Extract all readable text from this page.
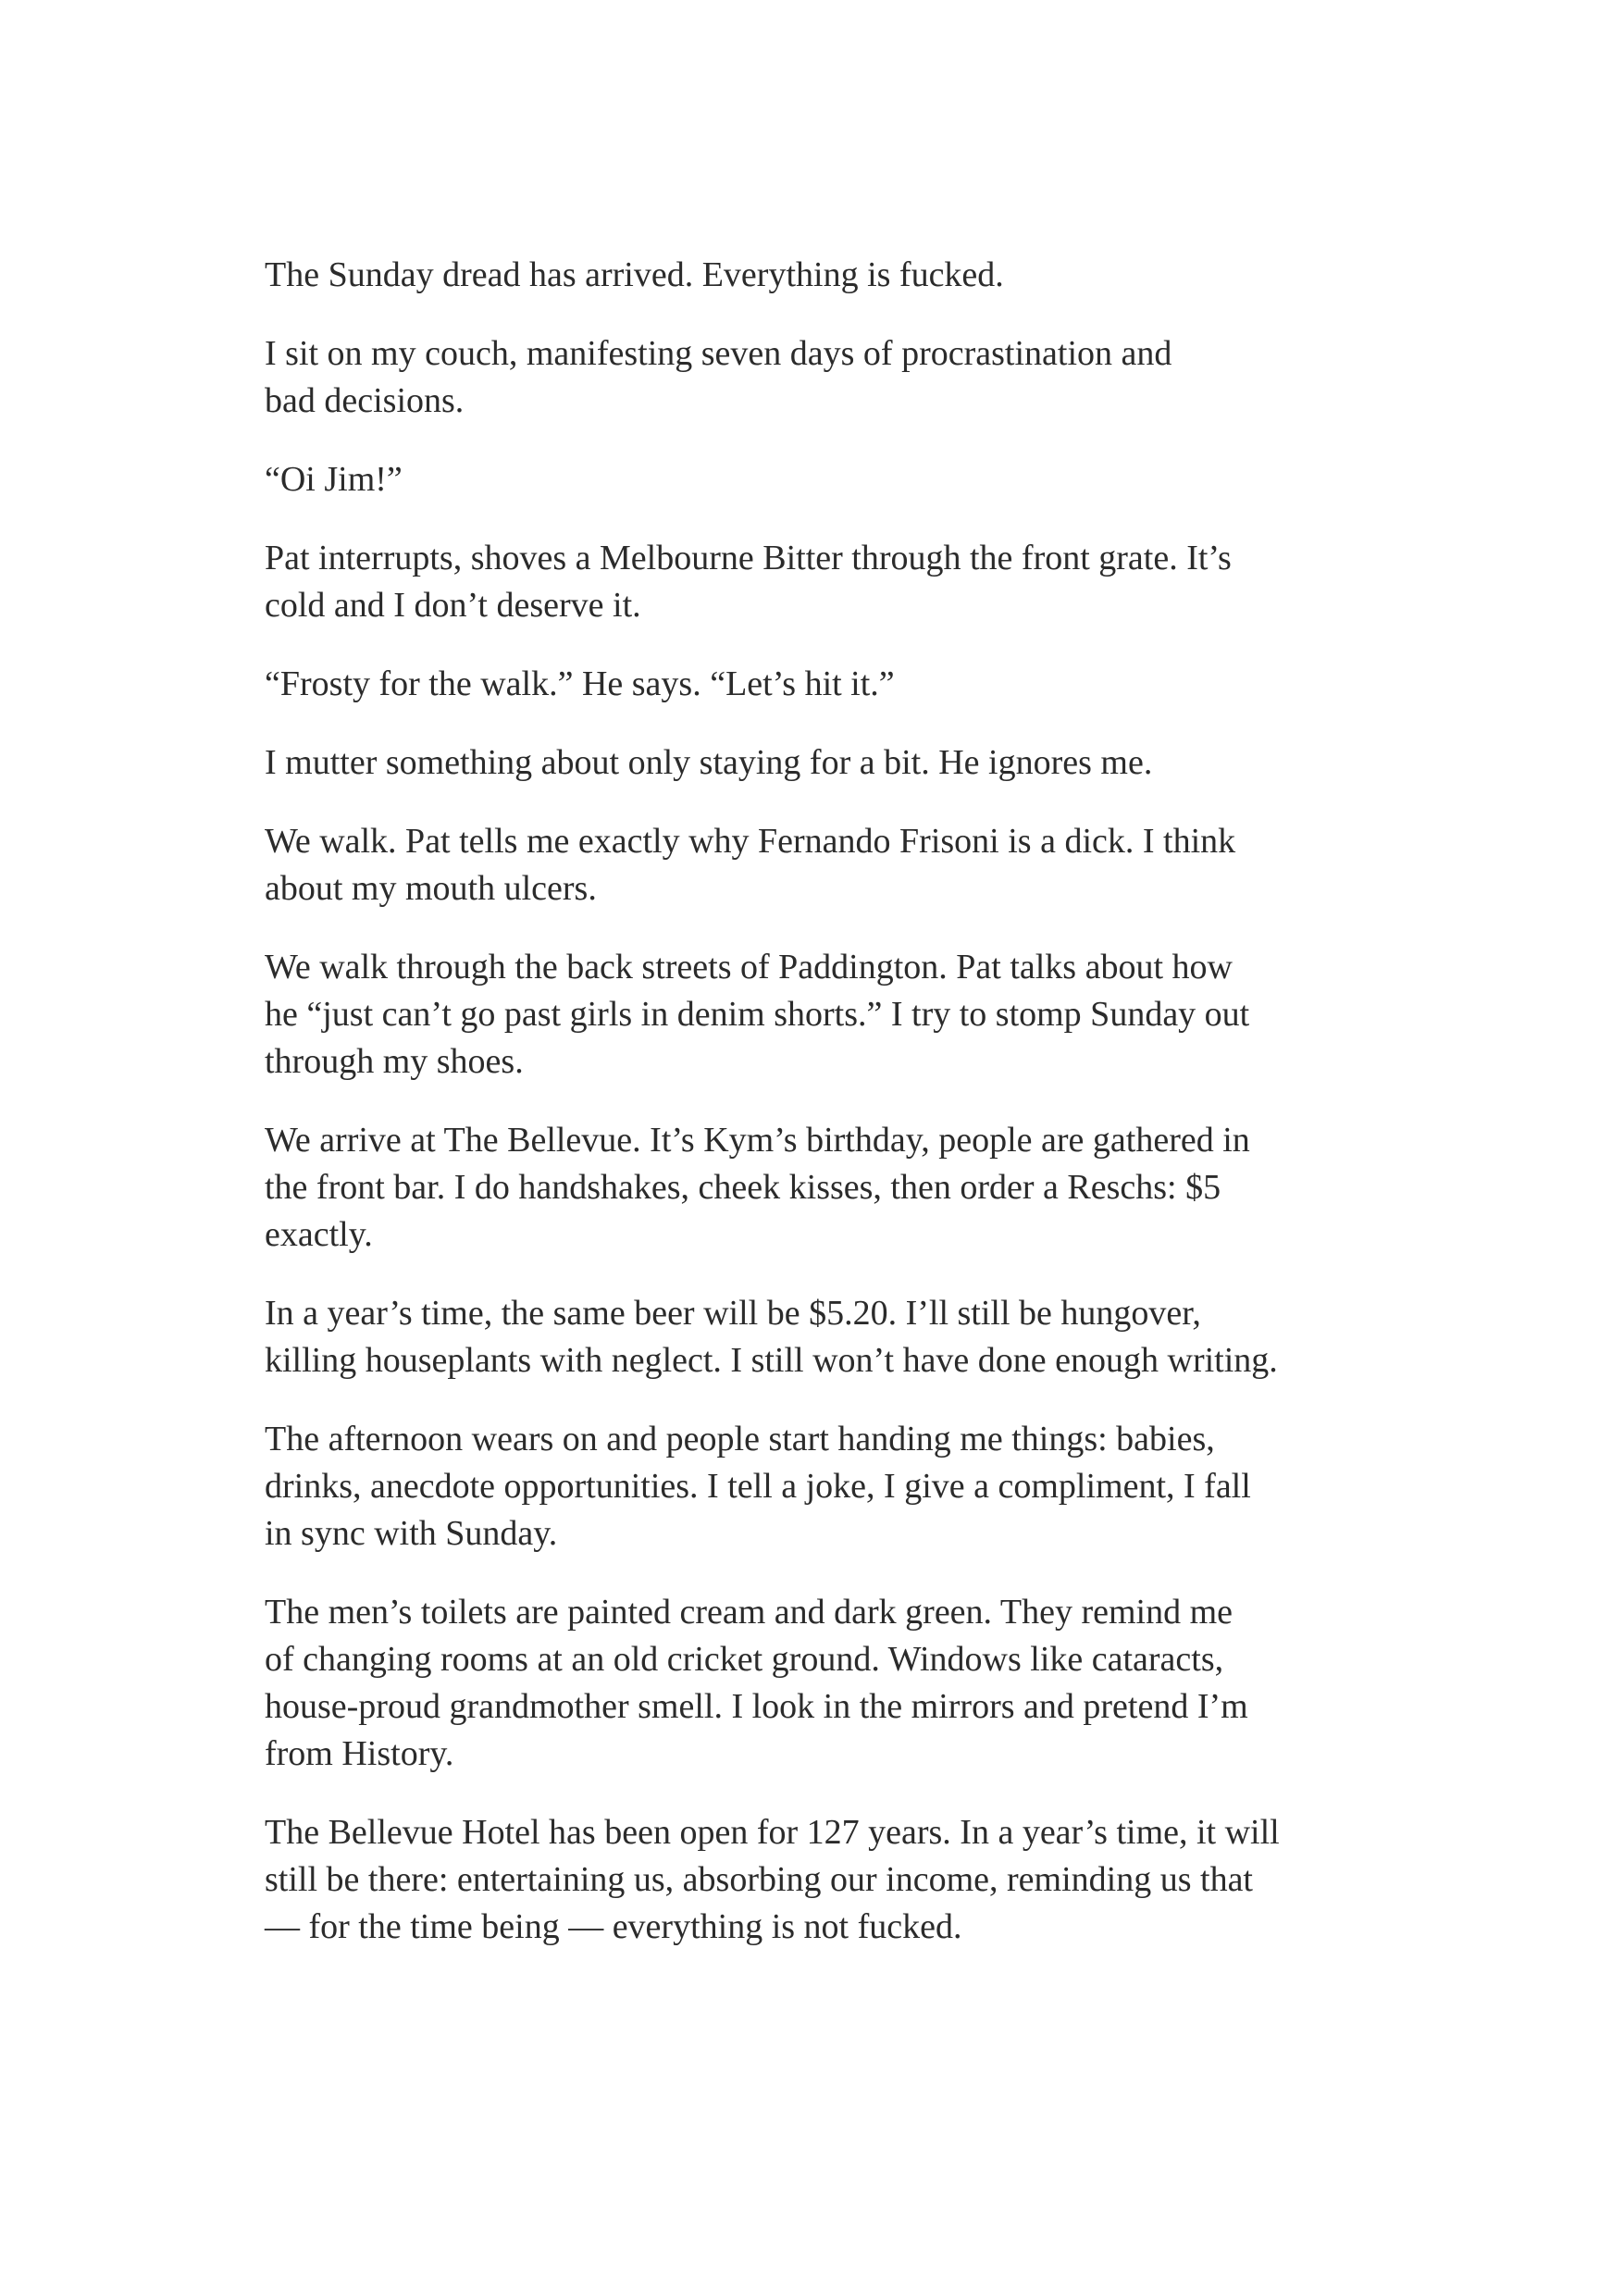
The Sunday dread has arrived. Everything is fucked.

I sit on my couch, manifesting seven days of procrastination and
bad decisions.

“Oi Jim!”

Pat interrupts, shoves a Melbourne Bitter through the front grate. It’s
cold and I don’t deserve it.

“Frosty for the walk.” He says. “Let’s hit it.”

I mutter something about only staying for a bit. He ignores me.

We walk. Pat tells me exactly why Fernando Frisoni is a dick. I think
about my mouth ulcers.

We walk through the back streets of Paddington. Pat talks about how
he “just can’t go past girls in denim shorts.” I try to stomp Sunday out
through my shoes.

We arrive at The Bellevue. It’s Kym’s birthday, people are gathered in
the front bar. I do handshakes, cheek kisses, then order a Reschs: $5
exactly.

In a year’s time, the same beer will be $5.20. I’ll still be hungover,
killing houseplants with neglect. I still won’t have done enough writing.

The afternoon wears on and people start handing me things: babies,
drinks, anecdote opportunities. I tell a joke, I give a compliment, I fall
in sync with Sunday.

The men’s toilets are painted cream and dark green. They remind me
of changing rooms at an old cricket ground. Windows like cataracts,
house-proud grandmother smell. I look in the mirrors and pretend I’m
from History.

The Bellevue Hotel has been open for 127 years. In a year’s time, it will
still be there: entertaining us, absorbing our income, reminding us that
— for the time being — everything is not fucked.
